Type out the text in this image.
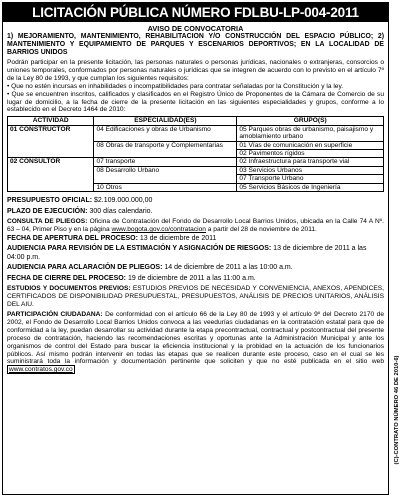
LICITACIÓN PÚBLICA NÚMERO FDLBU-LP-004-2011
AVISO DE CONVOCATORIA

1) MEJORAMIENTO, MANTENIMIENTO, REHABILITACION Y/O CONSTRUCCIÓN DEL ESPACIO PÚBLICO; 2) MANTENIMIENTO Y EQUIPAMIENTO DE PARQUES Y ESCENARIOS DEPORTIVOS; EN LA LOCALIDAD DE BARRIOS UNIDOS

Podrán participar en la presente licitación, las personas naturales o personas jurídicas, nacionales o extranjeras, consorcios o uniones temporales, conformados por personas naturales o jurídicas que se integren de acuerdo con lo previsto en el artículo 7º de la Ley 80 de 1993, y que cumplan los siguientes requisitos:

• Que no estén incursas en inhabilidades o incompatibilidades para contratar señaladas por la Constitución y la ley.

• Que se encuentren inscritos, calificados y clasificados en el Registro Único de Proponentes de la Cámara de Comercio de su lugar de domicilio, a la fecha de cierre de la presente licitación en las siguientes especialidades y grupos, conforme a lo establecido en el Decreto 1464 de 2010:

ACTIVIDAD	ESPECIALIDAD(ES)	GRUPO(S)
01 CONSTRUCTOR	04 Edificaciones y obras de Urbanismo	05 Parques obras de urbanismo, paisajismo y amoblamiento urbano
	08 Obras de transporte y Complementarias	01 Vías de comunicación en superficie
		02 Pavimentos rígidos
02 CONSULTOR	07 transporte	02 Infraestructura para transporte vial
	08 Desarrollo Urbano	03 Servicios Urbanos
		07 Transporte Urbano
	10 Otros	05 Servicios Básicos de Ingeniería
PRESUPUESTO OFICIAL: $2.109.000.000,00
PLAZO DE EJECUCIÓN: 300 días calendario.
CONSULTA DE PLIEGOS: Oficina de Contratación del Fondo de Desarrollo Local Barrios Unidos, ubicada en la Calle 74 A Nº. 63 – 04, Primer Piso y en la página www.bogota.gov.co/contratacion a partir del 28 de noviembre de 2011.
FECHA DE APERTURA DEL PROCESO: 13 de diciembre de 2011
AUDIENCIA PARA REVISIÓN DE LA ESTIMACIÓN Y ASIGNACIÓN DE RIESGOS: 13 de diciembre de 2011 a las 04:00 p.m.
AUDIENCIA PARA ACLARACIÓN DE PLIEGOS: 14 de diciembre de 2011 a las 10:00 a.m.
FECHA DE CIERRE DEL PROCESO: 19 de diciembre de 2011 a las 11:00 a.m.
ESTUDIOS Y DOCUMENTOS PREVIOS: ESTUDIOS PREVIOS DE NECESIDAD Y CONVENIENCIA, ANEXOS, APENDICES, CERTIFICADOS DE DISPONIBILIDAD PRESUPUESTAL, PRESUPUESTOS, ANÁLISIS DE PRECIOS UNITARIOS, ANÁLISIS DEL AIU.
PARTICIPACIÓN CIUDADANA: De conformidad con el artículo 66 de la Ley 80 de 1993 y el artículo 9º del Decreto 2170 de 2002, el Fondo de Desarrollo Local Barrios Unidos convoca a las veedurías ciudadanas en la contratación estatal para que de conformidad a la ley, puedan desarrollar su actividad durante la etapa precontractual, contractual y postcontractual del presente proceso de contratación, haciendo las recomendaciones escritas y oportunas ante la Administración Municipal y ante los organismos de control del Estado para buscar la eficiencia institucional y la probidad en la actuación de los funcionarios públicos. Así mismo podrán intervenir en todas las etapas que se realicen durante este proceso, caso en el cual se les suministrará toda la información y documentación pertinente que soliciten y que no esté publicada en el sitio web www.contratos.gov.co	(C)-CONTRATO NÚMERO 46 DE 2010-6)
